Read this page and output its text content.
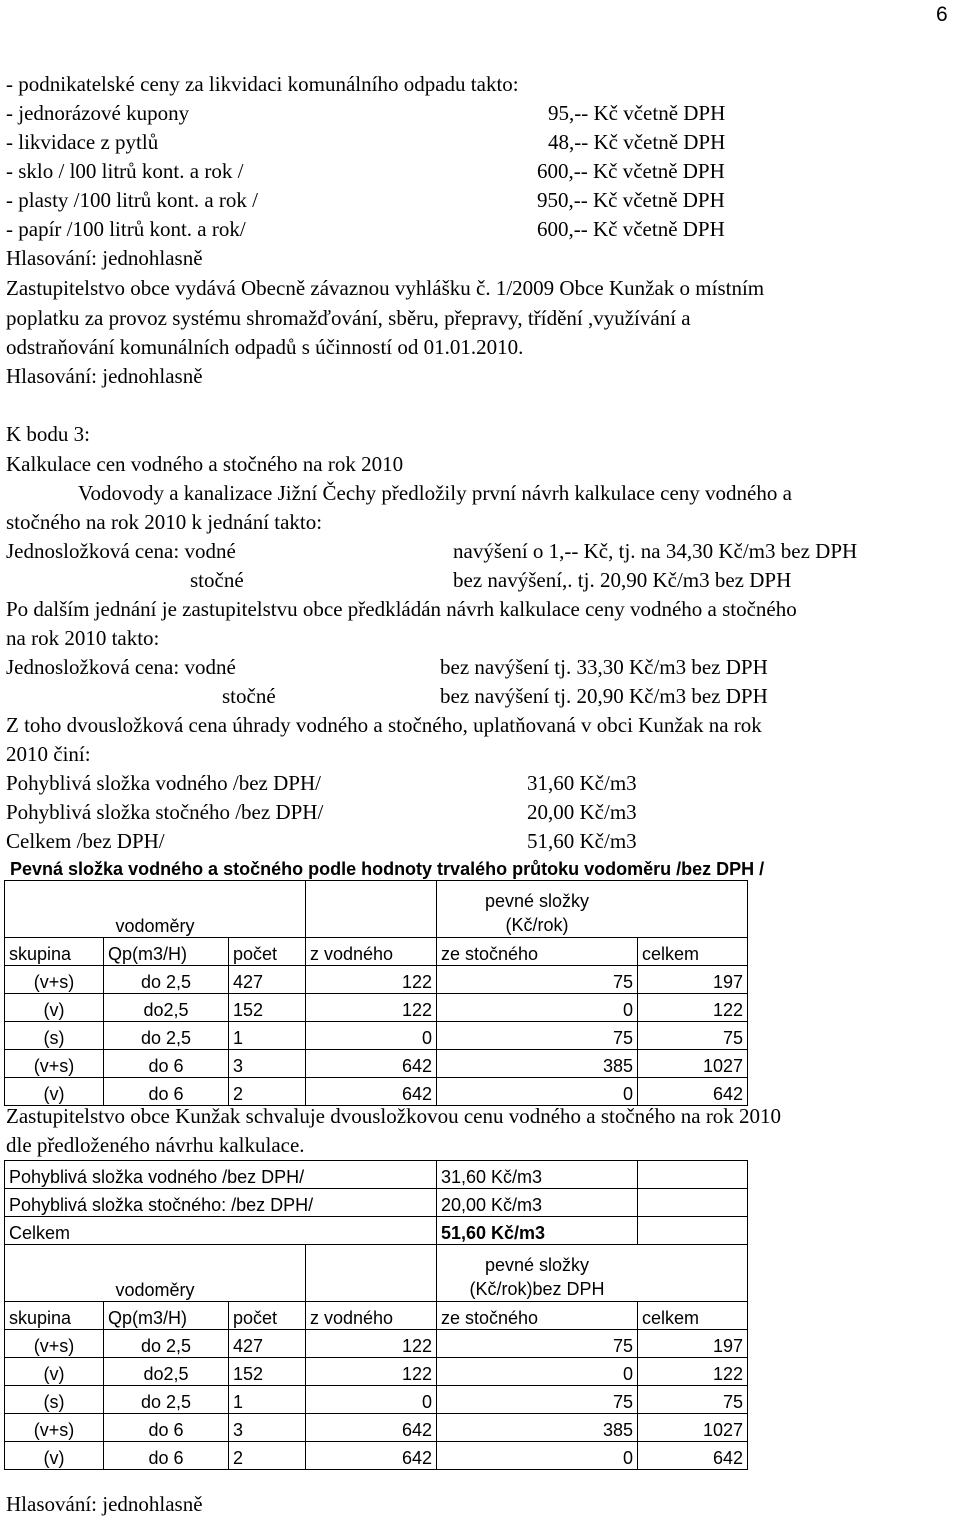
6
- podnikatelské ceny za likvidaci komunálního odpadu takto:
- jednorázové kupony	95,-- Kč včetně DPH
- likvidace z pytlů	48,-- Kč včetně DPH
- sklo / l00 litrů kont. a rok /	600,-- Kč včetně DPH
- plasty /100 litrů kont. a rok /	950,-- Kč včetně DPH
- papír /100 litrů kont. a rok/	600,-- Kč včetně DPH
Hlasování: jednohlasně
Zastupitelstvo obce vydává Obecně závaznou vyhlášku č. 1/2009 Obce Kunžak o místním
poplatku za provoz systému shromažďování, sběru, přepravy, třídění ,využívání a
odstraňování komunálních odpadů s účinností od 01.01.2010.
Hlasování: jednohlasně
K bodu 3:
Kalkulace cen vodného a stočného na rok 2010
Vodovody a kanalizace Jižní Čechy předložily první návrh kalkulace ceny vodného a
stočného na rok 2010 k jednání takto:
Jednosložková cena: vodné	navýšení o 1,-- Kč, tj. na 34,30 Kč/m3 bez DPH
stočné	bez navýšení,. tj. 20,90 Kč/m3 bez DPH
Po dalším jednání je zastupitelstvu obce předkládán návrh kalkulace ceny vodného a stočného
na rok 2010 takto:
Jednosložková cena: vodné	bez navýšení tj. 33,30 Kč/m3 bez DPH
stočné	bez navýšení tj. 20,90 Kč/m3 bez DPH
Z toho dvousložková cena úhrady vodného a stočného, uplatňovaná v obci Kunžak na rok
2010 činí:
Pohyblivá složka vodného /bez DPH/	31,60 Kč/m3
Pohyblivá složka stočného /bez DPH/	20,00 Kč/m3
Celkem /bez DPH/	51,60 Kč/m3
Pevná složka vodného a stočného podle hodnoty trvalého průtoku vodoměru /bez DPH /
vodoměry				pevné složky
(Kč/rok)	

skupina	Qp(m3/H)	počet	z vodného	ze stočného	celkem
(v+s)	do 2,5	427	122	75	197
(v)	do2,5	152	122	0	122
(s)	do 2,5	1	0	75	75
(v+s)	do 6	3	642	385	1027
(v)	do 6	2	642	0	642
Zastupitelstvo obce Kunžak schvaluje dvousložkovou cenu vodného a stočného na rok 2010
dle předloženého návrhu kalkulace.
Pohyblivá složka vodného /bez DPH/				31,60 Kč/m3	
Pohyblivá složka stočného: /bez DPH/				20,00 Kč/m3	
Celkem				51,60 Kč/m3	
vodoměry				pevné složky
(Kč/rok)bez DPH	

skupina	Qp(m3/H)	počet	z vodného	ze stočného	celkem
(v+s)	do 2,5	427	122	75	197
(v)	do2,5	152	122	0	122
(s)	do 2,5	1	0	75	75
(v+s)	do 6	3	642	385	1027
(v)	do 6	2	642	0	642
Hlasování: jednohlasně
